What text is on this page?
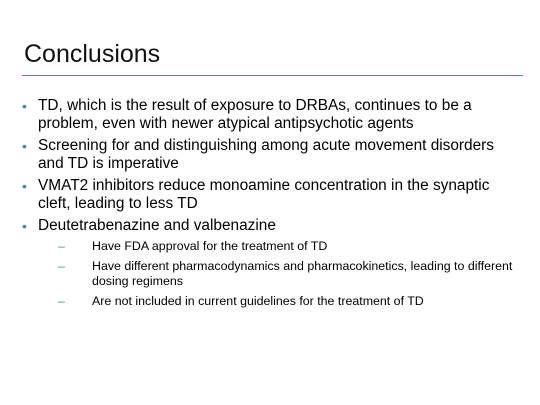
Conclusions
• TD, which is the result of exposure to DRBAs, continues to be a problem, even with newer atypical antipsychotic agents
• Screening for and distinguishing among acute movement disorders and TD is imperative
• VMAT2 inhibitors reduce monoamine concentration in the synaptic cleft, leading to less TD
• Deutetrabenazine and valbenazine
– Have FDA approval for the treatment of TD
– Have different pharmacodynamics and pharmacokinetics, leading to different dosing regimens
– Are not included in current guidelines for the treatment of TD
